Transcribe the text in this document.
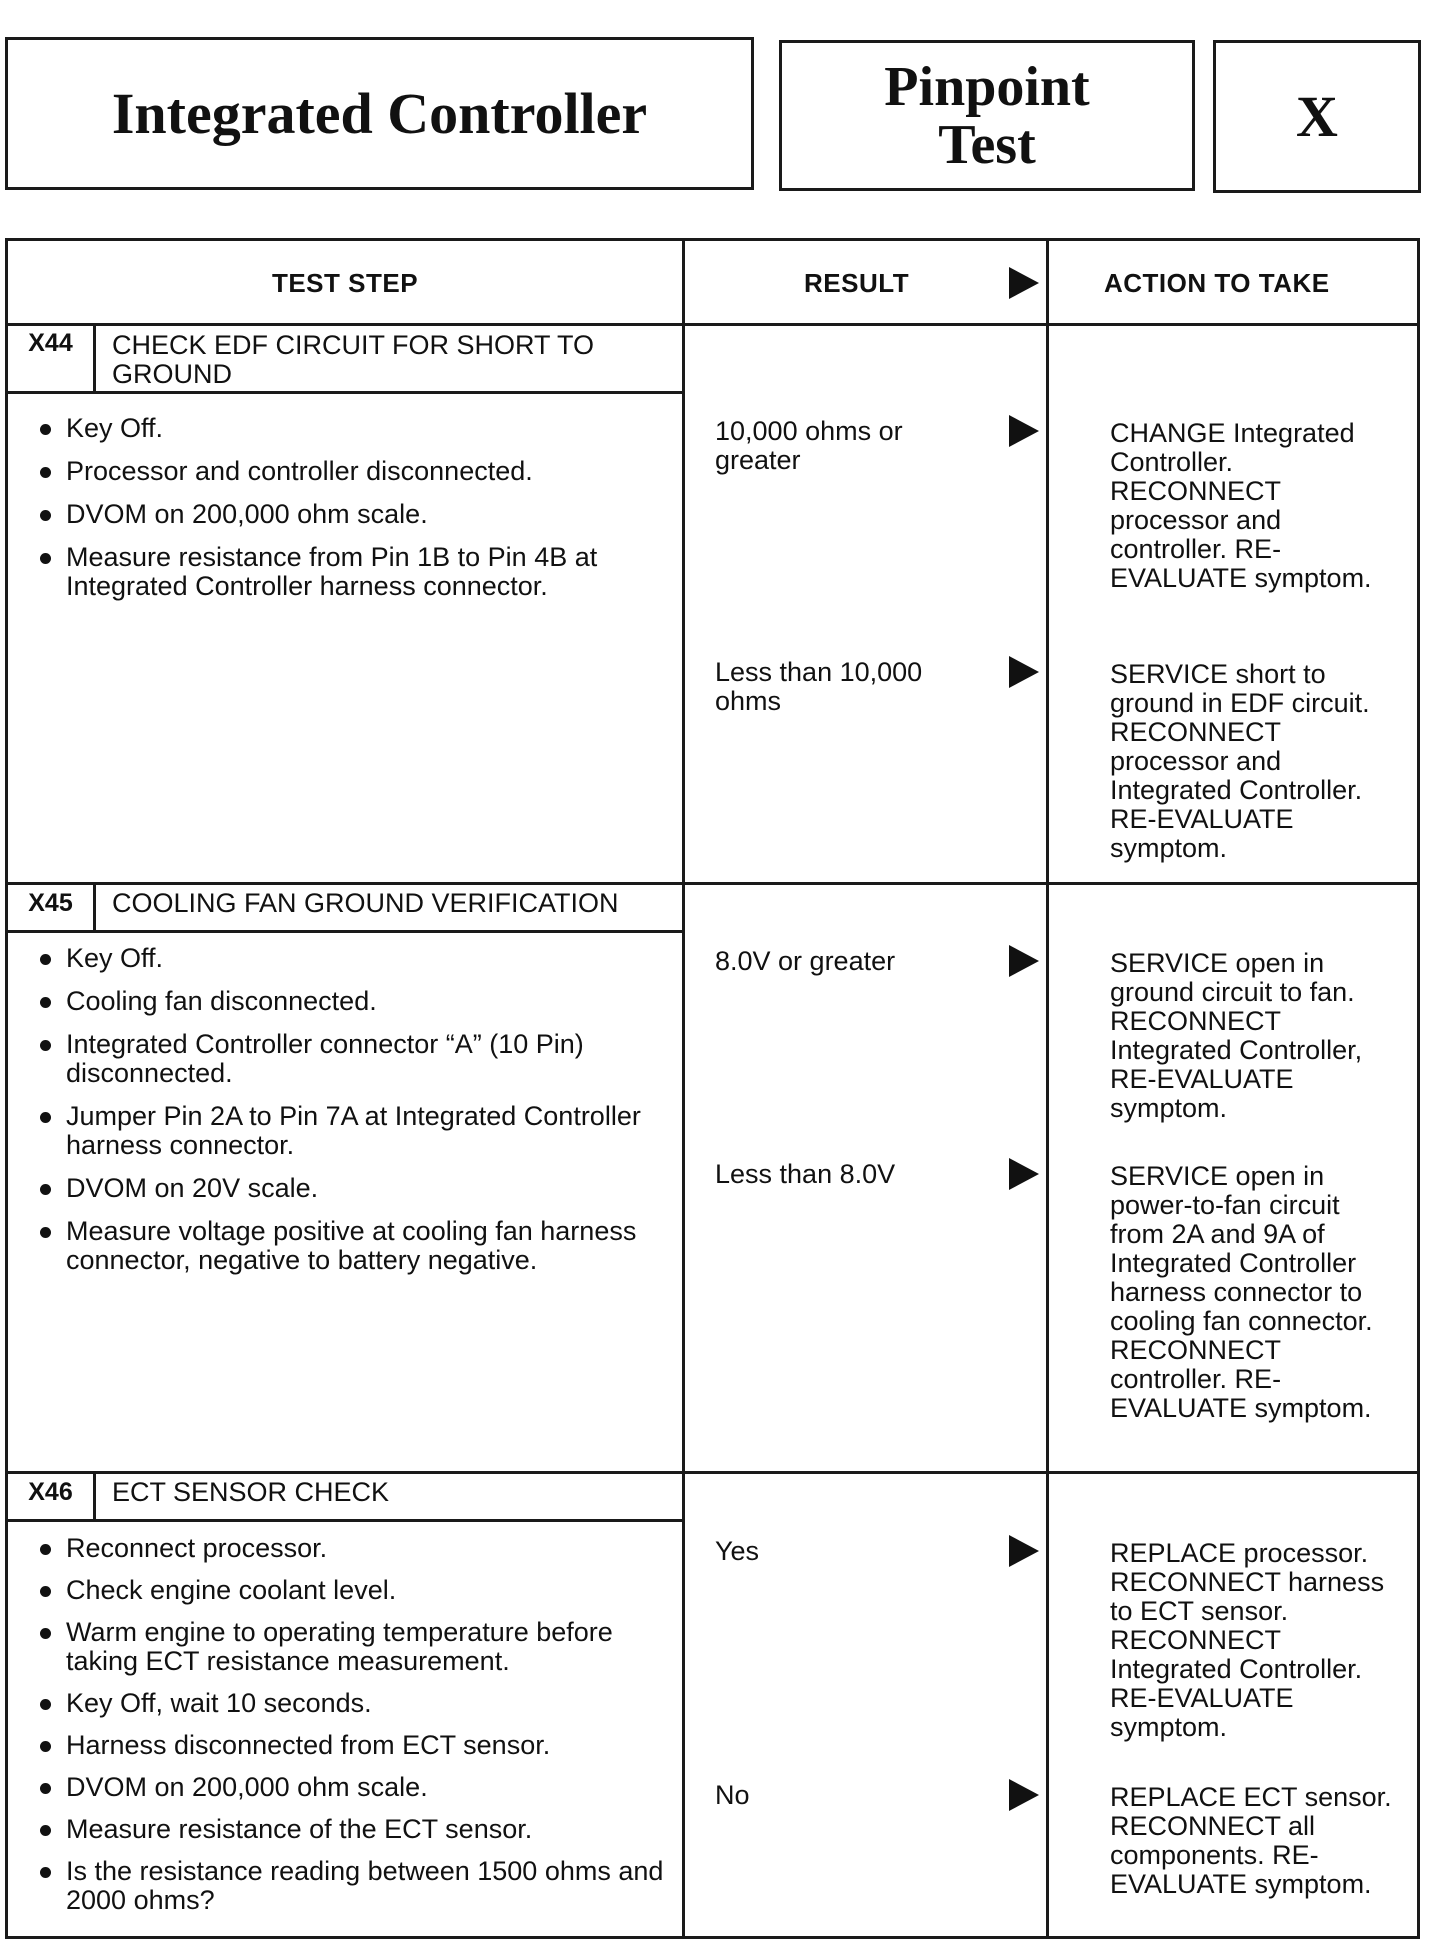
Integrated Controller	Pinpoint
Test	X
TEST STEP	RESULT	ACTION TO TAKE
X44	CHECK EDF CIRCUIT FOR SHORT TO GROUND
Key Off.
Processor and controller disconnected.
DVOM on 200,000 ohm scale.
Measure resistance from Pin 1B to Pin 4B at Integrated Controller harness connector.
10,000 ohms or greater
CHANGE Integrated Controller. RECONNECT processor and controller. RE-EVALUATE symptom.
Less than 10,000 ohms
SERVICE short to ground in EDF circuit. RECONNECT processor and Integrated Controller. RE-EVALUATE symptom.
X45	COOLING FAN GROUND VERIFICATION
Key Off.
Cooling fan disconnected.
Integrated Controller connector “A” (10 Pin) disconnected.
Jumper Pin 2A to Pin 7A at Integrated Controller harness connector.
DVOM on 20V scale.
Measure voltage positive at cooling fan harness connector, negative to battery negative.
8.0V or greater	SERVICE open in ground circuit to fan. RECONNECT Integrated Controller, RE-EVALUATE symptom.
Less than 8.0V	SERVICE open in power-to-fan circuit from 2A and 9A of Integrated Controller harness connector to cooling fan connector. RECONNECT controller. RE-EVALUATE symptom.
X46	ECT SENSOR CHECK
Reconnect processor.
Check engine coolant level.
Warm engine to operating temperature before taking ECT resistance measurement.
Key Off, wait 10 seconds.
Harness disconnected from ECT sensor.
DVOM on 200,000 ohm scale.
Measure resistance of the ECT sensor.
Is the resistance reading between 1500 ohms and 2000 ohms?
Yes	REPLACE processor. RECONNECT harness to ECT sensor. RECONNECT Integrated Controller. RE-EVALUATE symptom.
No	REPLACE ECT sensor. RECONNECT all components. RE-EVALUATE symptom.
